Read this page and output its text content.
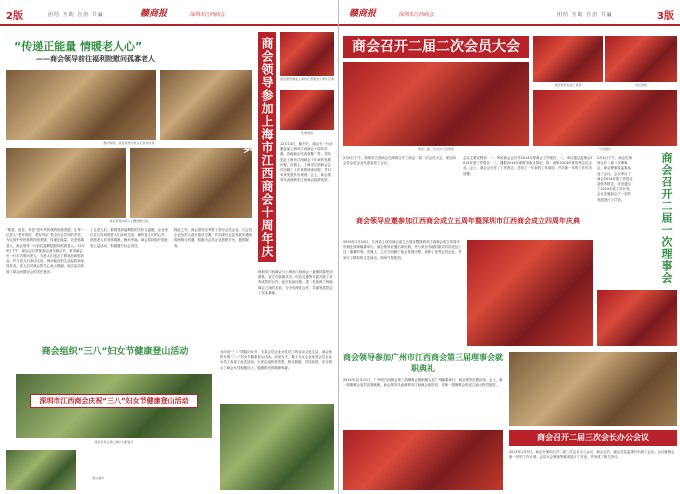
2版	团结 互助 自治 共赢	赣商报	深圳市江西商会
“传递正能量 情暖老人心”
——商会领导前往福利院慰问孤寡老人
慰问现场，商会领导与老人们亲切交谈
商会领导向老人们赠送慰问品
“敬老、爱老、孝老”是中华民族的传统美德，让每一位老人”老有所依，老有所乐”是全社会共同的责任。为弘扬中华民族的传统美德，传递正能量，关爱孤寡老人，商会领导一行前往福利院慰问孤寡老人。12月9日下午，商会会长带领商会部分副会长、常务副会长一行走访慰问老人，为老人们送去了慰问品和慰问金，并与老人们亲切交谈，询问他们的生活起居和身体状况，老人们对商会的关心表示感谢。此次活动体现了商会回馈社会的责任意识。
了让老人们，都感受到福利院的关怀与温暖，企业家们还与在场的老人们亲切交谈，倾听老人们的心声，祝愿老人们身体健康、晚年幸福。商会将持续开展此类公益活动，积极履行社会责任。
除此之外，商会领导还考察了部分会员企业，与会员企业负责人进行座谈交流，共同探讨企业发展中遇到的困难与机遇，积极为会员企业搭建平台、提供服务。	商会领导参加上海市江西商会十周年庆典
商会领导参加上海市江西商会十周年庆典
庆典现场
12月13日，秘书长、副会长一行应邀参加上海市江西商会十周年庆典，各地商会代表欢聚一堂，共同见证上海市江西商会十年来的发展历程。庆典上，上海市江西商会会长回顾了十年来的风雨历程，并对未来发展作出规划。会上，商会领导代表深圳市江西商会致辞祝贺。
深圳市江西商会与上海市江西商会一直保持着密切联系，双方在资源共享、信息互通等方面开展了卓有成效的合作。此次参加庆典，进一步加深了两地商会之间的友谊，为今后深化合作、共谋发展奠定了坚实基础。
商会组织“三八”妇女节健康登山活动	为庆祝“三八”国际妇女节，丰富会员企业女性员工的业余文化生活，商会组织开展“三八”妇女节健康登山活动。活动当天，数十名女企业家及会员企业女员工参加了此次活动。大家沿途欣赏美景，相互鼓励，共同登顶，充分展示了商会女性积极向上、健康阳光的精神风貌。
深圳市江西商会庆祝“三八”妇女节健康登山活动
商会会员在登山途中合影留念
登山途中
赣商报	深圳市江西商会	团结 互助 自治 共赢	3版
商会召开二届二次会员大会
商会二届二次会员大会现场
商会领导在会上讲话	会议现场
与会嘉宾
2月4日下午，深圳市江西商会在深圳召开了商会二届二次会员大会，来自商会各会员企业代表参加了会议。
会议主要议程有：一、听取商会会长作2014年度商会工作报告；二、审议通过监事会2014年度工作报告；三、通报2014年度财务收支情况；四、表彰2014年度优秀会员企业。会上，商会会长作了工作报告，总结了一年来的工作成绩，并对新一年的工作作出部署。	商会召开二届一次理事会
2月4日下午，商会在深圳召开二届一次理事会，商会理事及监事参加了会议。会议审议了商会2014年度工作报告及财务报告，讨论通过了2015年度工作计划，会议还就商会下一步的发展进行了讨论。
商会领导应邀参加江西商会成立五周年暨深圳市江西商会成立四周年庆典
2015年1月24日，江西省上饶市商会成立五周年暨深圳市江西商会成立四周年庆典在深圳隆重举行。商会领导应邀出席庆典，并与来自各地的嘉宾共同见证了这一重要时刻。庆典上，主办方回顾了商会发展历程，表彰了优秀会员企业，并举行了精彩的文艺演出，现场气氛热烈。
商会领导参加广州市江西商会第三届理事会就职典礼
2014年12月21日，广州市江西商会第三届理事会就职典礼在广州隆重举行，商会领导应邀出席。会上，新一届理事会成员宣誓就职，商会领导代表深圳市江西商会致贺词，对新一届理事会的成立表示热烈祝贺。
商会召开二届三次会长办公会议
2015年1月5日，商会在深圳召开二届三次会长办公会议，商会会长、副会长及监事长出席了会议。会议就商会新一年的工作计划、会员大会筹备等事项进行了讨论，并形成了相关决议。
